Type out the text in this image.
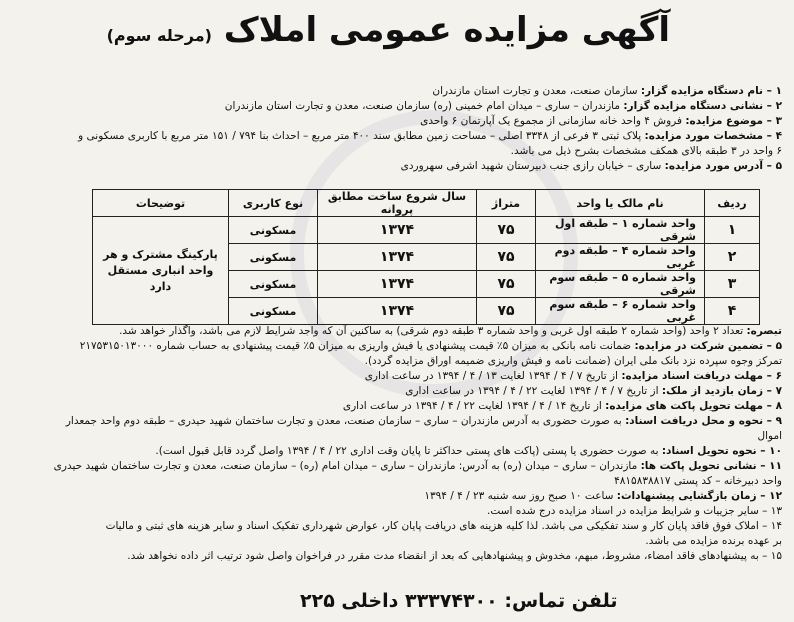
آگهی مزایده عمومی املاک (مرحله سوم)
۱ – نام دستگاه مزایده گزار: سازمان صنعت، معدن و تجارت استان مازندران
۲ – نشانی دستگاه مزایده گزار: مازندران – ساری – میدان امام خمینی (ره) سازمان صنعت، معدن و تجارت استان مازندران
۳ – موضوع مزایده: فروش ۴ واحد خانه سازمانی از مجموع یک آپارتمان ۶ واحدی
۴ – مشخصات مورد مزایده: پلاک ثبتی ۳ فرعی از ۳۳۴۸ اصلی – مساحت زمین مطابق سند ۴۰۰ متر مربع – احداث بنا ۷۹۴ / ۱۵۱ متر مربع با کاربری مسکونی و
۶ واحد در ۳ طبقه بالای همکف مشخصات بشرح ذیل می باشد.
۵ – آدرس مورد مزایده: ساری – خیابان رازی جنب دبیرستان شهید اشرفی سهروردی
ردیف	نام مالک یا واحد	متراژ	سال شروع ساخت مطابق پروانه	نوع کاربری	توضیحات
۱	واحد شماره ۱ – طبقه اول شرقی	۷۵	۱۳۷۴	مسکونی	پارکینگ مشترک و هر واحد انباری مستقل دارد
۲	واحد شماره ۴ – طبقه دوم غربی	۷۵	۱۳۷۴	مسکونی	
۳	واحد شماره ۵ – طبقه سوم شرقی	۷۵	۱۳۷۴	مسکونی	
۴	واحد شماره ۶ – طبقه سوم غربی	۷۵	۱۳۷۴	مسکونی	
تبصره: تعداد ۲ واحد (واحد شماره ۲ طبقه اول غربی و واحد شماره ۳ طبقه دوم شرقی) به ساکنین آن که واجد شرایط لازم می باشد، واگذار خواهد شد.
۵ – تضمین شرکت در مزایده: ضمانت نامه بانکی به میزان ۵٪ قیمت پیشنهادی یا فیش واریزی به میزان ۵٪ قیمت پیشنهادی به حساب شماره ۲۱۷۵۳۱۵۰۱۳۰۰۰
تمرکز وجوه سپرده نزد بانک ملی ایران (ضمانت نامه و فیش واریزی ضمیمه اوراق مزایده گردد).
۶ – مهلت دریافت اسناد مزایده: از تاریخ ۷ / ۴ / ۱۳۹۴ لغایت ۱۳ / ۴ / ۱۳۹۴ در ساعت اداری
۷ – زمان بازدید از ملک: از تاریخ ۷ / ۴ / ۱۳۹۴ لغایت ۲۲ / ۴ / ۱۳۹۴ در ساعت اداری
۸ – مهلت تحویل پاکت های مزایده: از تاریخ ۱۴ / ۴ / ۱۳۹۴ لغایت ۲۲ / ۴ / ۱۳۹۴ در ساعت اداری
۹ – نحوه و محل دریافت اسناد: به صورت حضوری به آدرس مازندران – ساری – سازمان صنعت، معدن و تجارت ساختمان شهید حیدری – طبقه دوم واحد جمعدار
اموال
۱۰ – نحوه تحویل اسناد: به صورت حضوری یا پستی (پاکت های پستی حداکثر تا پایان وقت اداری ۲۲ / ۴ / ۱۳۹۴ واصل گردد قابل قبول است).
۱۱ – نشانی تحویل پاکت ها: مازندران – ساری – میدان (ره) به آدرس: مازندران – ساری – میدان امام (ره) – سازمان صنعت، معدن و تجارت ساختمان شهید حیدری
واحد دبیرخانه – کد پستی ۴۸۱۵۸۳۸۸۱۷
۱۲ – زمان بازگشایی پیشنهادات: ساعت ۱۰ صبح روز سه شنبه ۲۳ / ۴ / ۱۳۹۴
۱۳ – سایر جزییات و شرایط مزایده در اسناد مزایده درج شده است.
۱۴ – املاک فوق فاقد پایان کار و سند تفکیکی می باشد. لذا کلیه هزینه های دریافت پایان کار، عوارض شهرداری تفکیک اسناد و سایر هزینه های ثبتی و مالیات
بر عهده برنده مزایده می باشد.
۱۵ – به پیشنهادهای فاقد امضاء، مشروط، مبهم، مخدوش و پیشنهادهایی که بعد از انقضاء مدت مقرر در فراخوان واصل شود ترتیب اثر داده نخواهد شد.
تلفن تماس: ۳۳۳۷۴۳۰۰ داخلی ۲۲۵
